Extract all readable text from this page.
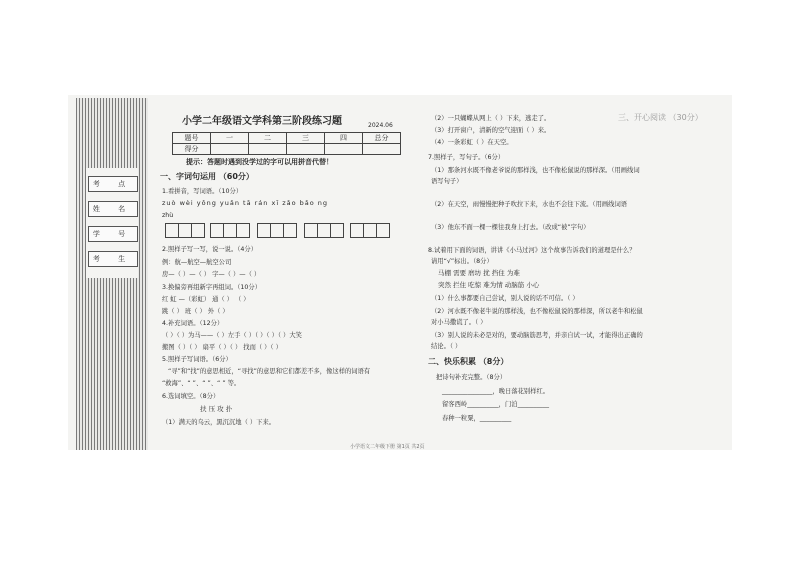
考 点
姓 名
学 号
考 生
小学二年级语文学科第三阶段练习题	2024.06
题号	一	二	三	四	总分
得分					
提示：答题时遇到没学过的字可以用拼音代替！
一、字词句运用 （60分）
1.看拼音，写词语。（10分）
zuò wèi yǒng yuǎn tā rán xī zǎo bǎo ng
zhù
2.照样子写一写，说一说。（4分）
例：航—航空—航空公司
房—（ ）—（ ） 字—（ ）—（ ）
3.换偏旁再组新字再组词。（10分）
红 虹 —（彩虹） 通（ ） （ ）
跳（ ） 班（ ） 外（ ）
4.补充词语。（12分）
（ ）（ ）为马——（ ）左手（ ）（ ）（ ）（ ）大笑
搬图（ ）（ ） 扇平（ ）（ ） 找而（ ）（ ）
5.照样子写词语。（6分）
“寻”和“找”的意思相近，“寻找”的意思和它们都差不多，像这样的词语有
“救海”、“ ”、“ ”、“ ” 等。
6.选词填空。（8分）
扶 压 攻 扑
（1）满天的乌云，黑沉沉地（ ）下来。
（2）一只蝴蝶从网上（ ）下来，逃走了。
（3）打开窗户，清新的空气迎面（ ）来。
（4）一条彩虹（ ）在天空。
7.照样子，写句子。（6分）
（1）那条河水既不像老爷说的那样浅，也不像松鼠说的那样深。（用画线词
语写句子）
（2）在天空，雨慢慢把种子吹拉下来，水也不会往下流。（用画线词语
（3）他东不面一棵一棵往我身上打去。（改成“被”字句）
8.试着用下面的词语，讲讲《小马过河》这个故事告诉我们的道理是什么？
请用“√”标出。（8分）
马棚 需要 磨坊 扰 挡住 为难
突然 拦住 吃惊 难为情 动脑筋 小心
（1）什么事都要自己尝试，别人说的话不可信。（ ）
（2）河水既不像老牛说的那样浅，也不像松鼠说的那样深，所以老牛和松鼠
对小马撒谎了。（ ）
（3）别人说的未必是对的，要动脑筋思考，并亲自试一试，才能得出正确的
结论。（ ）
二、快乐积累 （8分）
把诗句补充完整。（8分）
________________，晚日落花别样红。
留客西岭__________，门泊__________
春种一粒粟，__________
三、开心阅读 （30分）
小学语文二年级下册 第1页 共2页
